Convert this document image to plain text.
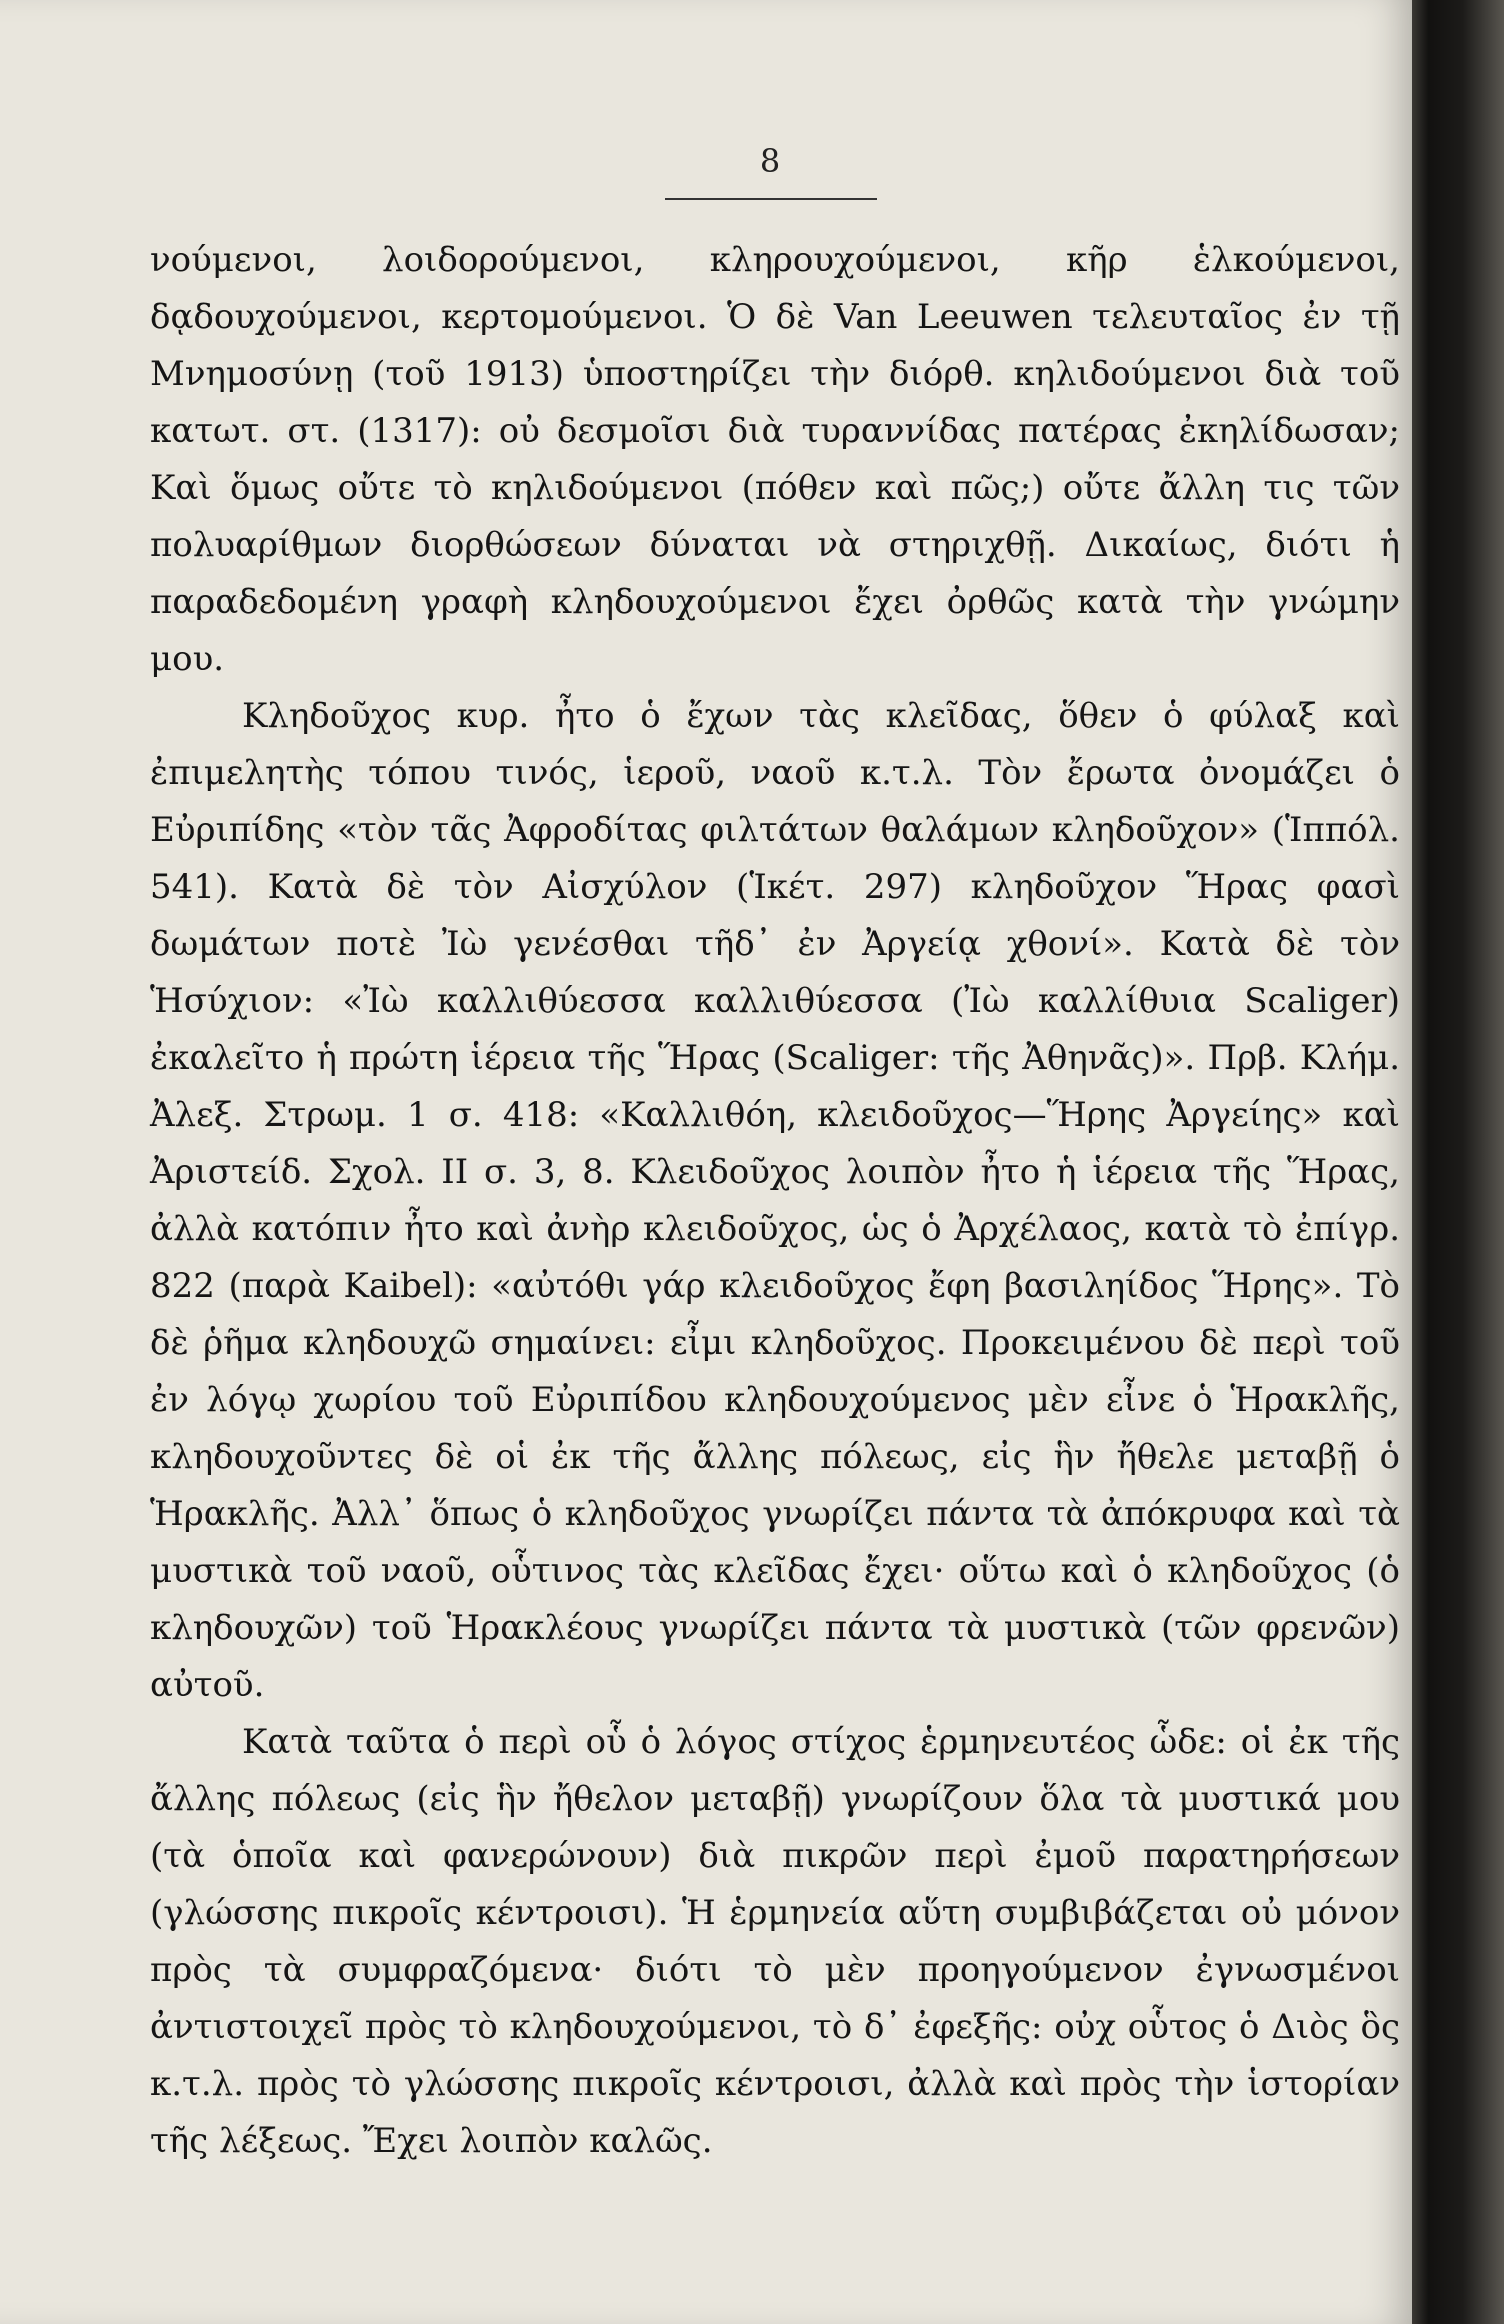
8

νούμενοι, λοιδορούμενοι, κληρουχούμενοι, κῆρ ἑλκούμενοι, δᾳδουχούμενοι, κερτομούμενοι. Ὁ δὲ Van Leeuwen τελευταῖος ἐν τῇ Μνημοσύνῃ (τοῦ 1913) ὑποστηρίζει τὴν διόρθ. κηλιδούμενοι διὰ τοῦ κατωτ. στ. (1317): οὐ δεσμοῖσι διὰ τυραννίδας πατέρας ἐκηλίδωσαν; Καὶ ὅμως οὔτε τὸ κηλιδούμενοι (πόθεν καὶ πῶς;) οὔτε ἄλλη τις τῶν πολυαρίθμων διορθώσεων δύναται νὰ στηριχθῇ. Δικαίως, διότι ἡ παραδεδομένη γραφὴ κληδουχούμενοι ἔχει ὀρθῶς κατὰ τὴν γνώμην μου.

Κληδοῦχος κυρ. ἦτο ὁ ἔχων τὰς κλεῖδας, ὅθεν ὁ φύλαξ καὶ ἐπιμελητὴς τόπου τινός, ἱεροῦ, ναοῦ κ.τ.λ. Τὸν ἔρωτα ὀνομάζει ὁ Εὐριπίδης «τὸν τᾶς Ἀφροδίτας φιλτάτων θαλάμων κληδοῦχον» (Ἱππόλ. 541). Κατὰ δὲ τὸν Αἰσχύλον (Ἱκέτ. 297) κληδοῦχον Ἥρας φασὶ δωμάτων ποτὲ Ἰὼ γενέσθαι τῆδ᾽ ἐν Ἀργείᾳ χθονί». Κατὰ δὲ τὸν Ἡσύχιον: «Ἰὼ καλλιθύεσσα καλλιθύεσσα (Ἰὼ καλλίθυια Scaliger) ἐκαλεῖτο ἡ πρώτη ἱέρεια τῆς Ἥρας (Scaliger: τῆς Ἀθηνᾶς)». Πρβ. Κλήμ. Ἀλεξ. Στρωμ. 1 σ. 418: «Καλλιθόη, κλειδοῦχος—Ἥρης Ἀργείης» καὶ Ἀριστείδ. Σχολ. II σ. 3, 8. Κλειδοῦχος λοιπὸν ἦτο ἡ ἱέρεια τῆς Ἥρας, ἀλλὰ κατόπιν ἦτο καὶ ἀνὴρ κλειδοῦχος, ὡς ὁ Ἀρχέλαος, κατὰ τὸ ἐπίγρ. 822 (παρὰ Kaibel): «αὐτόθι γάρ κλειδοῦχος ἔφη βασιληίδος Ἥρης». Τὸ δὲ ῥῆμα κληδουχῶ σημαίνει: εἶμι κληδοῦχος. Προκειμένου δὲ περὶ τοῦ ἐν λόγῳ χωρίου τοῦ Εὐριπίδου κληδουχούμενος μὲν εἶνε ὁ Ἡρακλῆς, κληδουχοῦντες δὲ οἱ ἐκ τῆς ἄλλης πόλεως, εἰς ἣν ἤθελε μεταβῇ ὁ Ἡρακλῆς. Ἀλλ᾽ ὅπως ὁ κληδοῦχος γνωρίζει πάντα τὰ ἀπόκρυφα καὶ τὰ μυστικὰ τοῦ ναοῦ, οὗτινος τὰς κλεῖδας ἔχει· οὕτω καὶ ὁ κληδοῦχος (ὁ κληδουχῶν) τοῦ Ἡρακλέους γνωρίζει πάντα τὰ μυστικὰ (τῶν φρενῶν) αὐτοῦ.

Κατὰ ταῦτα ὁ περὶ οὗ ὁ λόγος στίχος ἑρμηνευτέος ὧδε: οἱ ἐκ τῆς ἄλλης πόλεως (εἰς ἣν ἤθελον μεταβῇ) γνωρίζουν ὅλα τὰ μυστικά μου (τὰ ὁποῖα καὶ φανερώνουν) διὰ πικρῶν περὶ ἐμοῦ παρατηρήσεων (γλώσσης πικροῖς κέντροισι). Ἡ ἑρμηνεία αὕτη συμβιβάζεται οὐ μόνον πρὸς τὰ συμφραζόμενα· διότι τὸ μὲν προηγούμενον ἐγνωσμένοι ἀντιστοιχεῖ πρὸς τὸ κληδουχούμενοι, τὸ δ᾽ ἐφεξῆς: οὐχ οὗτος ὁ Διὸς ὃς κ.τ.λ. πρὸς τὸ γλώσσης πικροῖς κέντροισι, ἀλλὰ καὶ πρὸς τὴν ἱστορίαν τῆς λέξεως. Ἔχει λοιπὸν καλῶς.
